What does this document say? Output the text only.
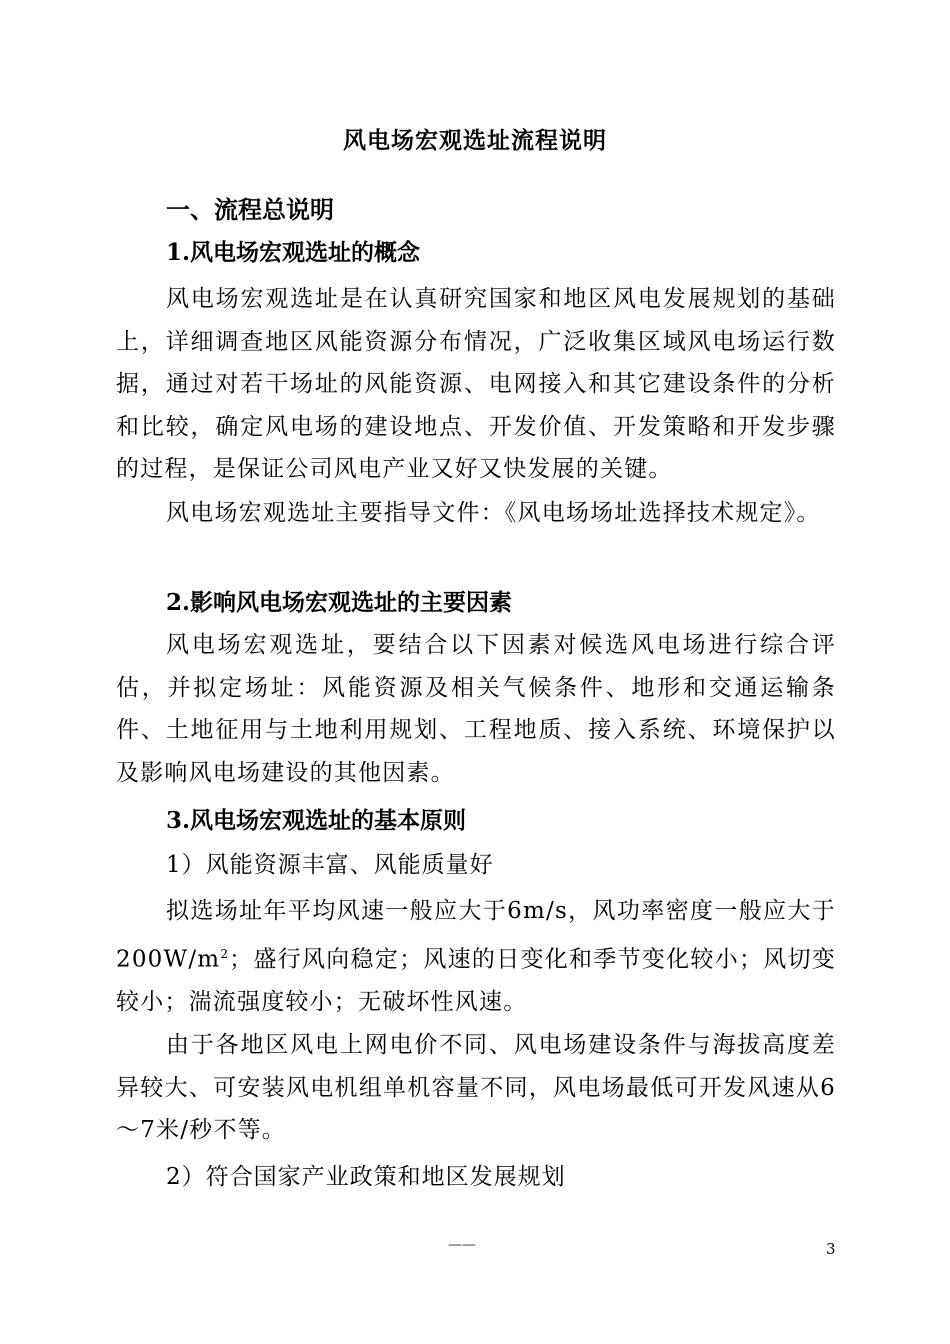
风电场宏观选址流程说明
一、流程总说明
1.风电场宏观选址的概念

风电场宏观选址是在认真研究国家和地区风电发展规划的基础上，详细调查地区风能资源分布情况，广泛收集区域风电场运行数据，通过对若干场址的风能资源、电网接入和其它建设条件的分析和比较，确定风电场的建设地点、开发价值、开发策略和开发步骤的过程，是保证公司风电产业又好又快发展的关键。

风电场宏观选址主要指导文件：《风电场场址选择技术规定》。

2.影响风电场宏观选址的主要因素

风电场宏观选址，要结合以下因素对候选风电场进行综合评估，并拟定场址：风能资源及相关气候条件、地形和交通运输条件、土地征用与土地利用规划、工程地质、接入系统、环境保护以及影响风电场建设的其他因素。

3.风电场宏观选址的基本原则
1）风能资源丰富、风能质量好

拟选场址年平均风速一般应大于6m/s，风功率密度一般应大于$200W/m^2$；盛行风向稳定；风速的日变化和季节变化较小；风切变较小；湍流强度较小；无破坏性风速。

由于各地区风电上网电价不同、风电场建设条件与海拔高度差异较大、可安装风电机组单机容量不同，风电场最低可开发风速从6～7米/秒不等。

2）符合国家产业政策和地区发展规划
——	3
